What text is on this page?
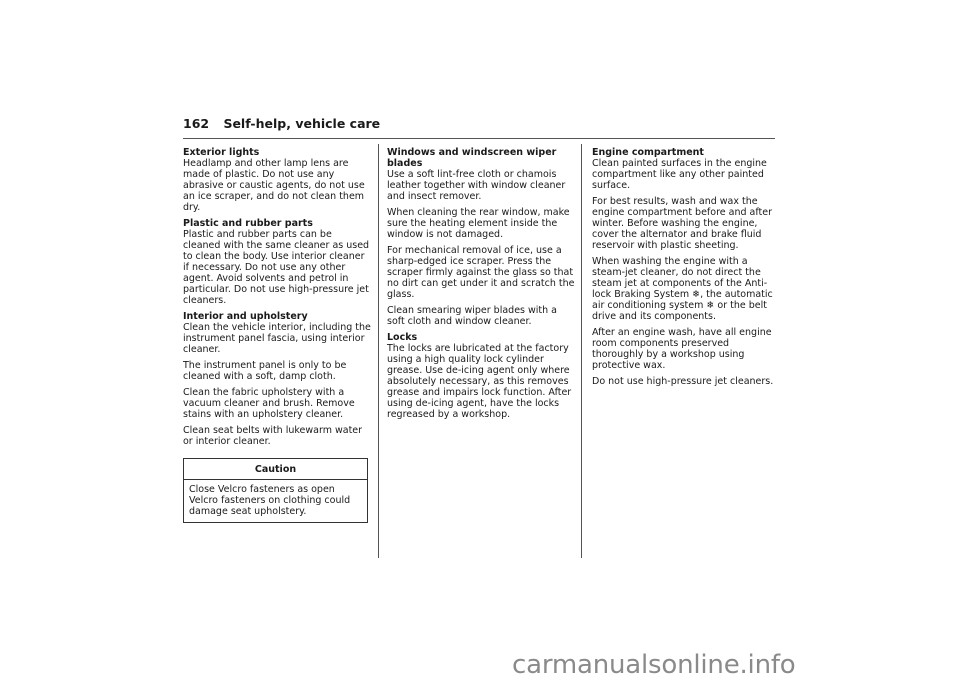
162 Self-help, vehicle care

Exterior lights

Headlamp and other lamp lens are made of plastic. Do not use any abrasive or caustic agents, do not use an ice scraper, and do not clean them dry.

Plastic and rubber parts

Plastic and rubber parts can be cleaned with the same cleaner as used to clean the body. Use interior cleaner if necessary. Do not use any other agent. Avoid solvents and petrol in particular. Do not use high-pressure jet cleaners.

Interior and upholstery

Clean the vehicle interior, including the instrument panel fascia, using interior cleaner.

The instrument panel is only to be cleaned with a soft, damp cloth.

Clean the fabric upholstery with a vacuum cleaner and brush. Remove stains with an upholstery cleaner.

Clean seat belts with lukewarm water or interior cleaner.

Caution
Close Velcro fasteners as open Velcro fasteners on clothing could damage seat upholstery.

Windows and windscreen wiper blades

Use a soft lint-free cloth or chamois leather together with window cleaner and insect remover.

When cleaning the rear window, make sure the heating element inside the window is not damaged.

For mechanical removal of ice, use a sharp-edged ice scraper. Press the scraper firmly against the glass so that no dirt can get under it and scratch the glass.

Clean smearing wiper blades with a soft cloth and window cleaner.

Locks

The locks are lubricated at the factory using a high quality lock cylinder grease. Use de-icing agent only where absolutely necessary, as this removes grease and impairs lock function. After using de-icing agent, have the locks regreased by a workshop.

Engine compartment

Clean painted surfaces in the engine compartment like any other painted surface.

For best results, wash and wax the engine compartment before and after winter. Before washing the engine, cover the alternator and brake fluid reservoir with plastic sheeting.

When washing the engine with a steam-jet cleaner, do not direct the steam jet at components of the Anti-lock Braking System ❄, the automatic air conditioning system ❄ or the belt drive and its components.

After an engine wash, have all engine room components preserved thoroughly by a workshop using protective wax.

Do not use high-pressure jet cleaners.

carmanualsonline.info
